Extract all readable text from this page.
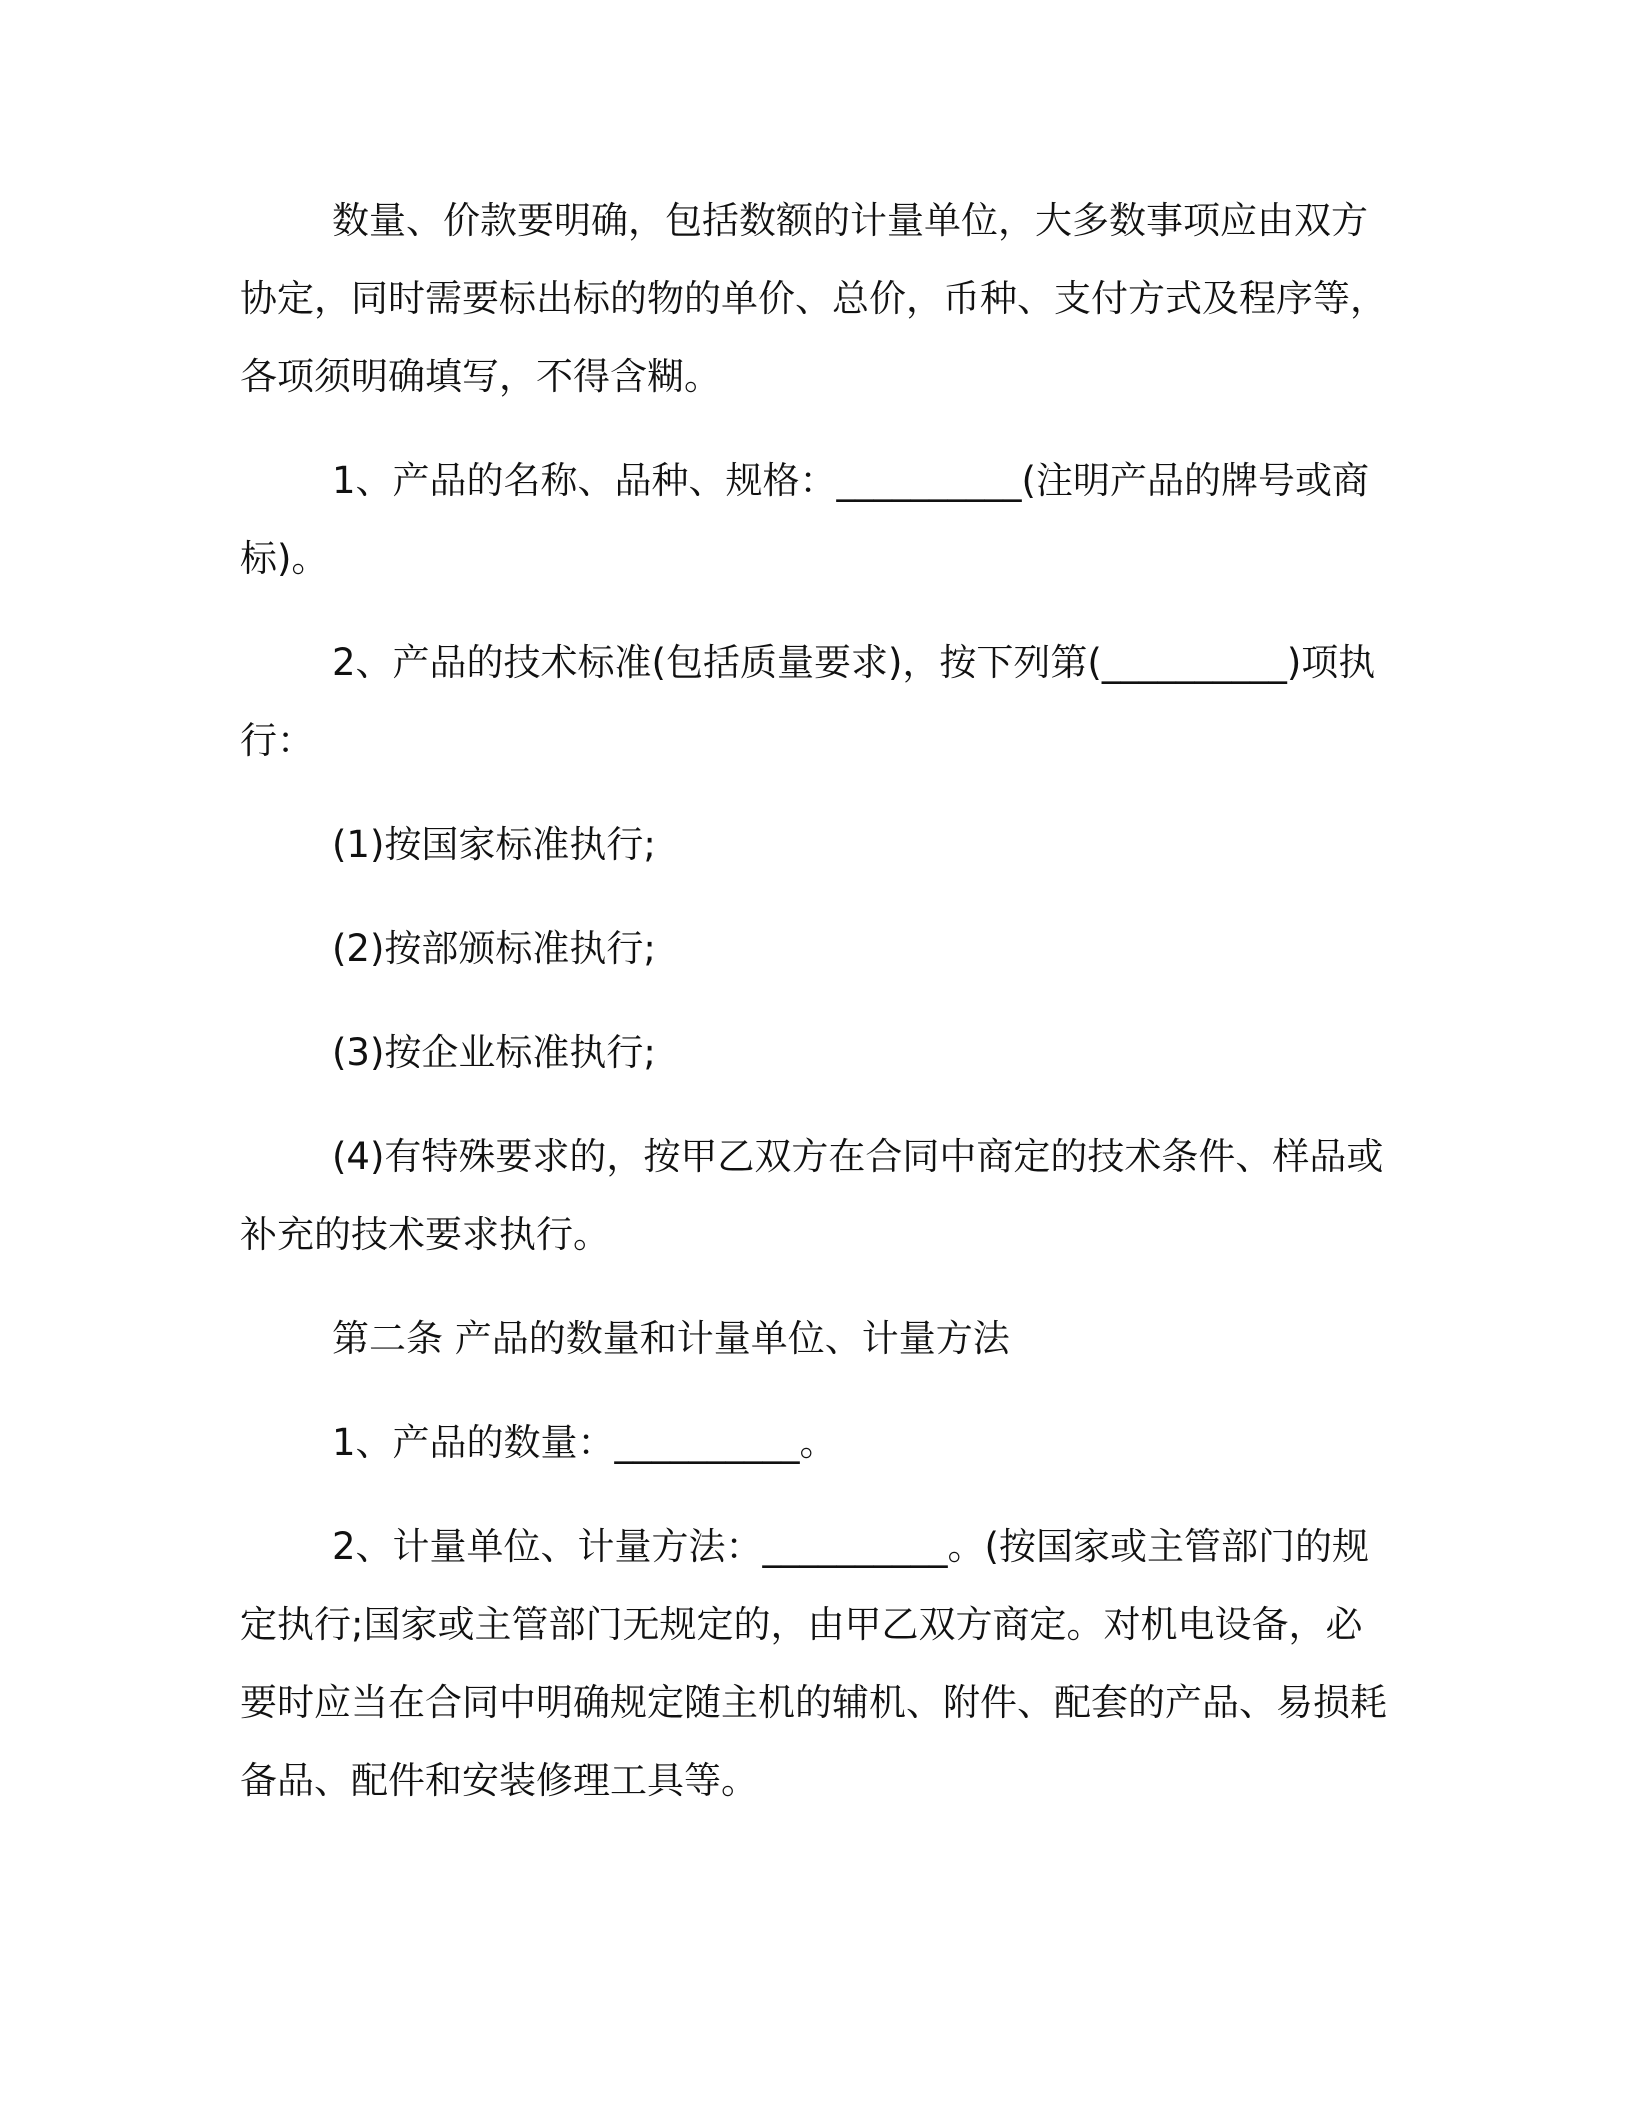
数量、价款要明确，包括数额的计量单位，大多数事项应由双方协定，同时需要标出标的物的单价、总价，币种、支付方式及程序等，各项须明确填写，不得含糊。

1、产品的名称、品种、规格：__________(注明产品的牌号或商标)。

2、产品的技术标准(包括质量要求)，按下列第(__________)项执行：

(1)按国家标准执行;

(2)按部颁标准执行;

(3)按企业标准执行;

(4)有特殊要求的，按甲乙双方在合同中商定的技术条件、样品或补充的技术要求执行。

第二条 产品的数量和计量单位、计量方法

1、产品的数量：__________。

2、计量单位、计量方法：__________。(按国家或主管部门的规定执行;国家或主管部门无规定的，由甲乙双方商定。对机电设备，必要时应当在合同中明确规定随主机的辅机、附件、配套的产品、易损耗备品、配件和安装修理工具等。
